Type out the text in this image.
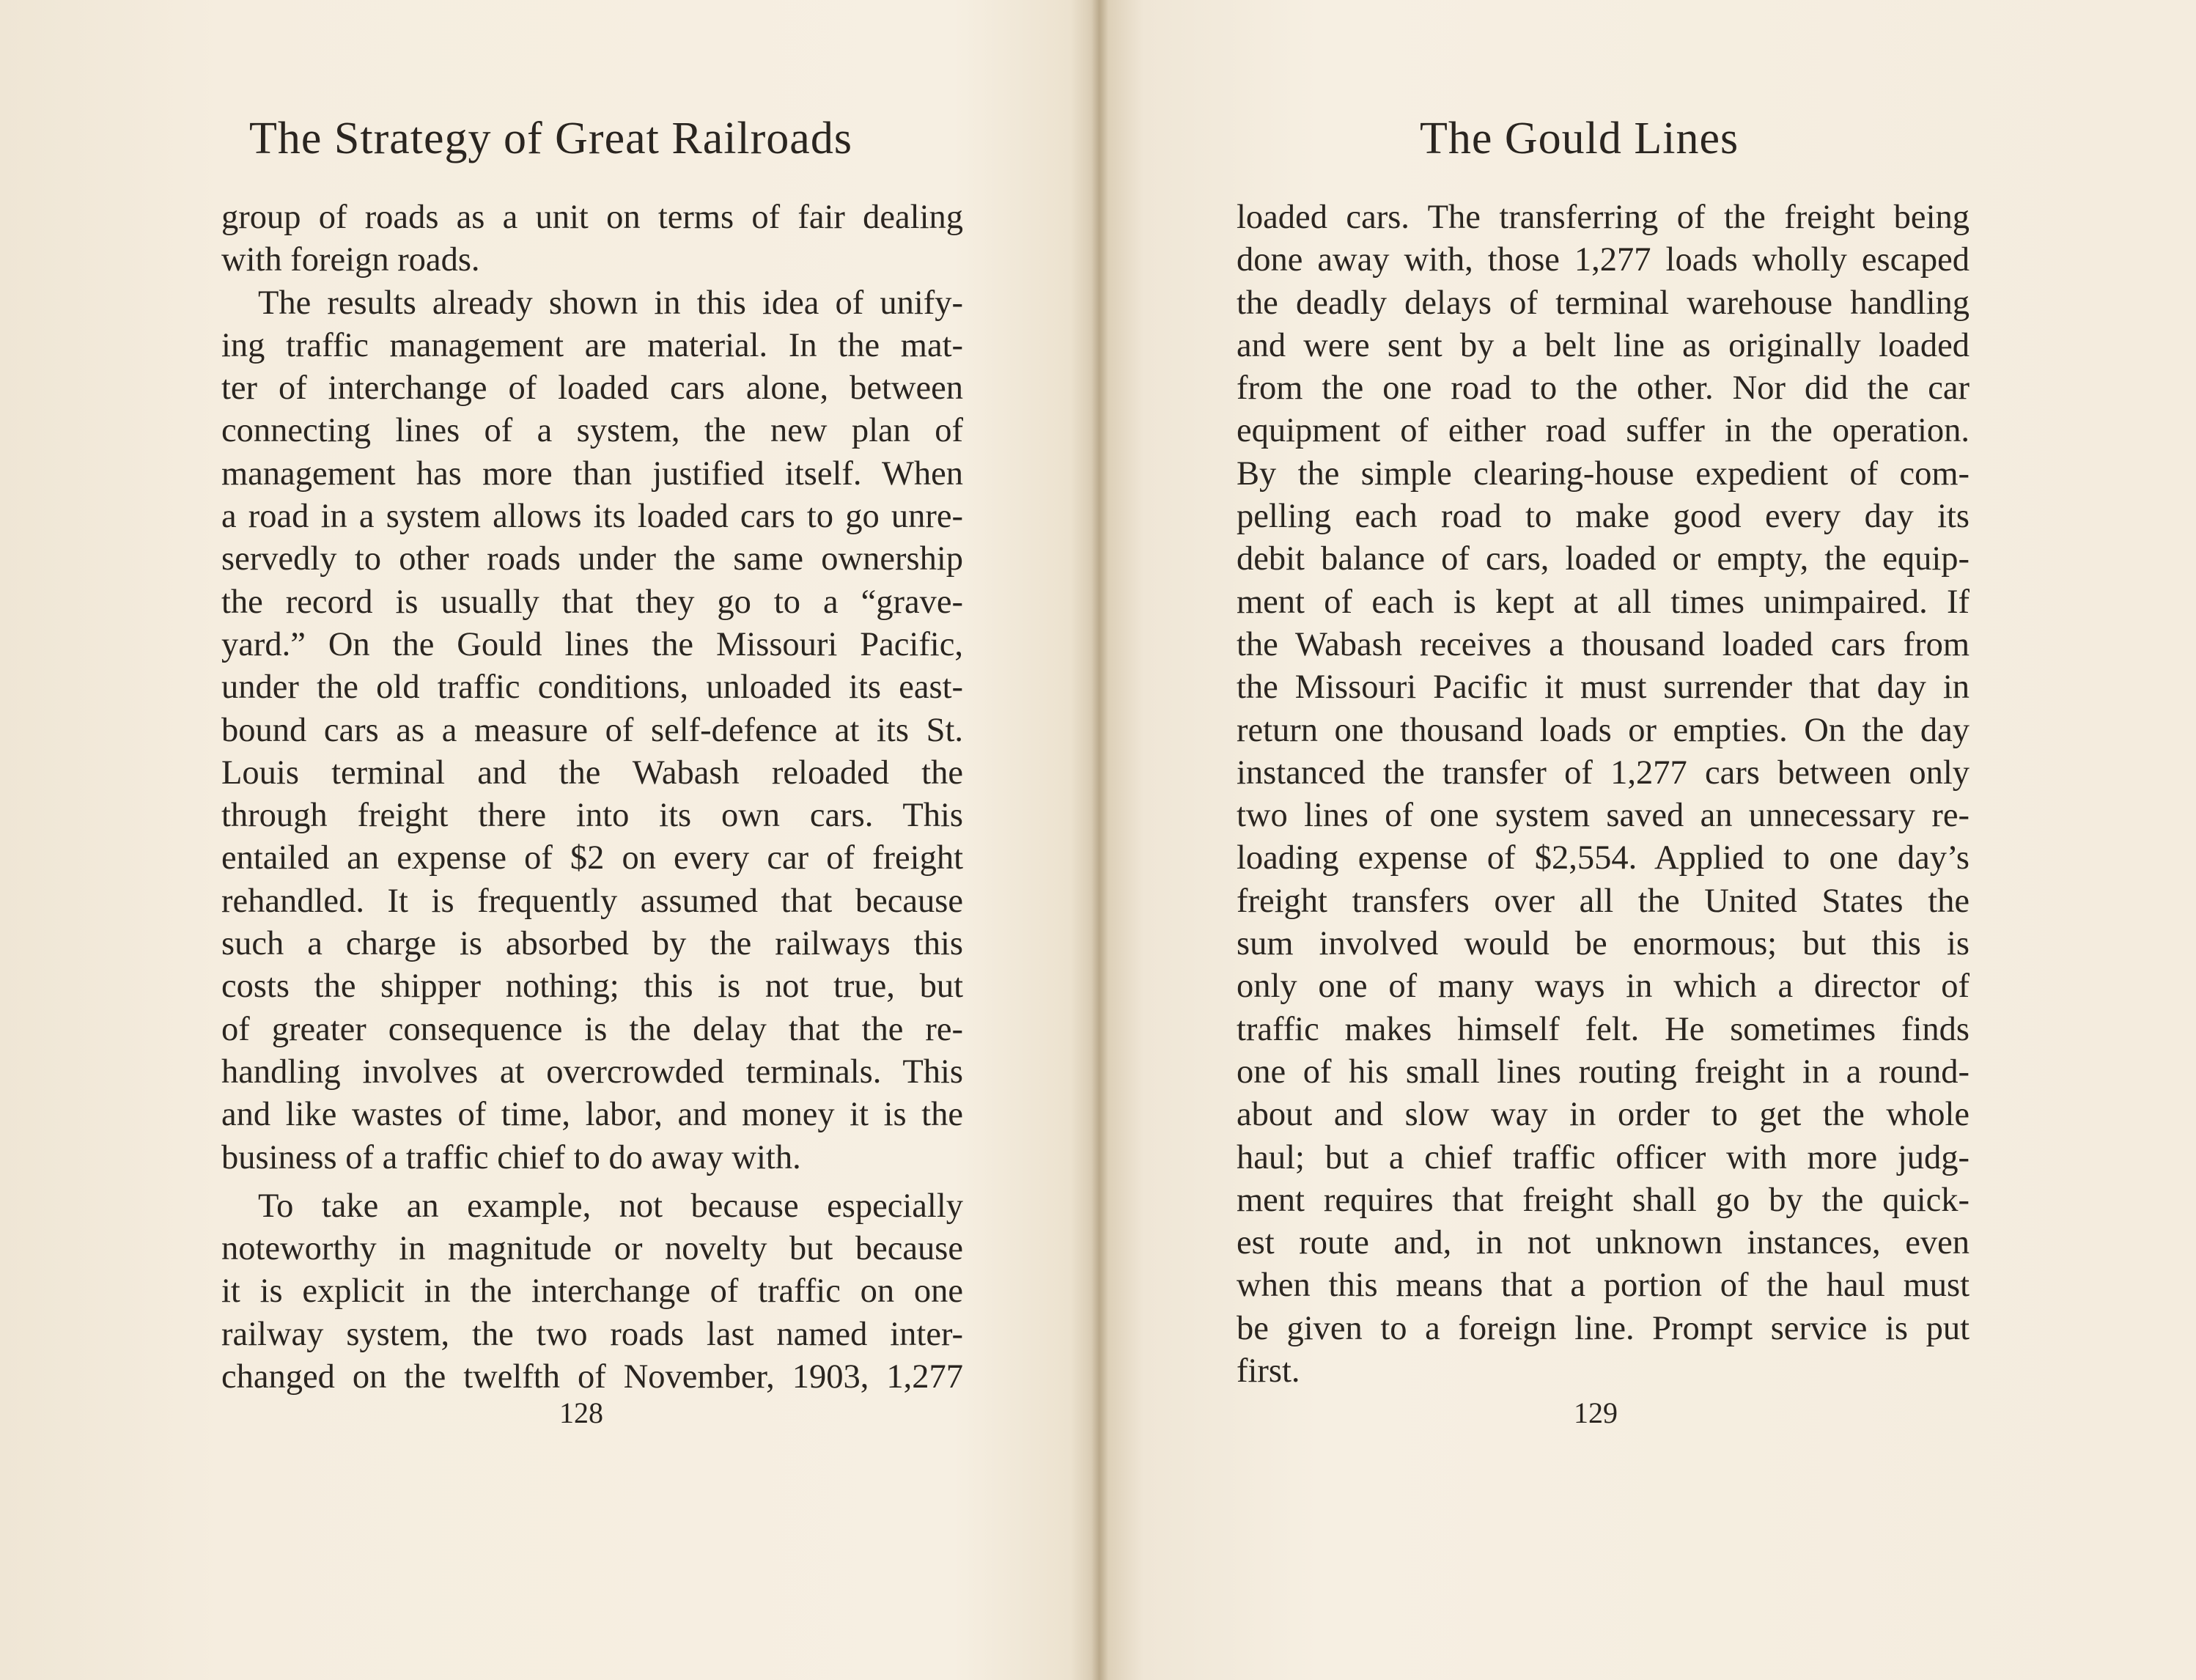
The Strategy of Great Railroads
group of roads as a unit on terms of fair dealing
with foreign roads.
The results already shown in this idea of unify-
ing traffic management are material. In the mat-
ter of interchange of loaded cars alone, between
connecting lines of a system, the new plan of
management has more than justified itself. When
a road in a system allows its loaded cars to go unre-
servedly to other roads under the same ownership
the record is usually that they go to a “grave-
yard.” On the Gould lines the Missouri Pacific,
under the old traffic conditions, unloaded its east-
bound cars as a measure of self-defence at its St.
Louis terminal and the Wabash reloaded the
through freight there into its own cars. This
entailed an expense of $2 on every car of freight
rehandled. It is frequently assumed that because
such a charge is absorbed by the railways this
costs the shipper nothing; this is not true, but
of greater consequence is the delay that the re-
handling involves at overcrowded terminals. This
and like wastes of time, labor, and money it is the
business of a traffic chief to do away with.
To take an example, not because especially
noteworthy in magnitude or novelty but because
it is explicit in the interchange of traffic on one
railway system, the two roads last named inter-
changed on the twelfth of November, 1903, 1,277
128
The Gould Lines
loaded cars. The transferring of the freight being
done away with, those 1,277 loads wholly escaped
the deadly delays of terminal warehouse handling
and were sent by a belt line as originally loaded
from the one road to the other. Nor did the car
equipment of either road suffer in the operation.
By the simple clearing-house expedient of com-
pelling each road to make good every day its
debit balance of cars, loaded or empty, the equip-
ment of each is kept at all times unimpaired. If
the Wabash receives a thousand loaded cars from
the Missouri Pacific it must surrender that day in
return one thousand loads or empties. On the day
instanced the transfer of 1,277 cars between only
two lines of one system saved an unnecessary re-
loading expense of $2,554. Applied to one day’s
freight transfers over all the United States the
sum involved would be enormous; but this is
only one of many ways in which a director of
traffic makes himself felt. He sometimes finds
one of his small lines routing freight in a round-
about and slow way in order to get the whole
haul; but a chief traffic officer with more judg-
ment requires that freight shall go by the quick-
est route and, in not unknown instances, even
when this means that a portion of the haul must
be given to a foreign line. Prompt service is put
first.
129
